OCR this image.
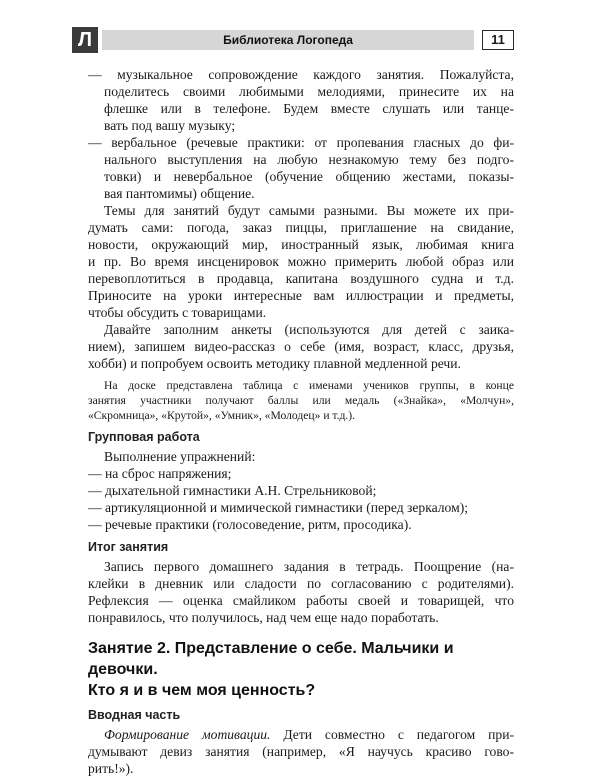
Л	Библиотека Логопеда	11

— музыкальное сопровождение каждого занятия. Пожалуйста,

поделитесь своими любимыми мелодиями, принесите их на

флешке или в телефоне. Будем вместе слушать или танце-

вать под вашу музыку;

— вербальное (речевые практики: от пропевания гласных до фи-

нального выступления на любую незнакомую тему без подго-

товки) и невербальное (обучение общению жестами, показы-

вая пантомимы) общение.

Темы для занятий будут самыми разными. Вы можете их при-

думать сами: погода, заказ пиццы, приглашение на свидание,

новости, окружающий мир, иностранный язык, любимая книга

и пр. Во время инсценировок можно примерить любой образ или

перевоплотиться в продавца, капитана воздушного судна и т.д.

Приносите на уроки интересные вам иллюстрации и предметы,

чтобы обсудить с товарищами.

Давайте заполним анкеты (используются для детей с заика-

нием), запишем видео-рассказ о себе (имя, возраст, класс, друзья,

хобби) и попробуем освоить методику плавной медленной речи.

На доске представлена таблица с именами учеников группы, в конце

занятия участники получают баллы или медаль («Знайка», «Молчун»,

«Скромница», «Крутой», «Умник», «Молодец» и т.д.).

Групповая работа

Выполнение упражнений:

— на сброс напряжения;

— дыхательной гимнастики А.Н. Стрельниковой;

— артикуляционной и мимической гимнастики (перед зеркалом);

— речевые практики (голосоведение, ритм, просодика).

Итог занятия

Запись первого домашнего задания в тетрадь. Поощрение (на-

клейки в дневник или сладости по согласованию с родителями).

Рефлексия — оценка смайликом работы своей и товарищей, что

понравилось, что получилось, над чем еще надо поработать.

Занятие 2. Представление о себе. Мальчики и девочки.
Кто я и в чем моя ценность?
Вводная часть

Формирование мотивации. Дети совместно с педагогом при-

думывают девиз занятия (например, «Я научусь красиво гово-

рить!»).
